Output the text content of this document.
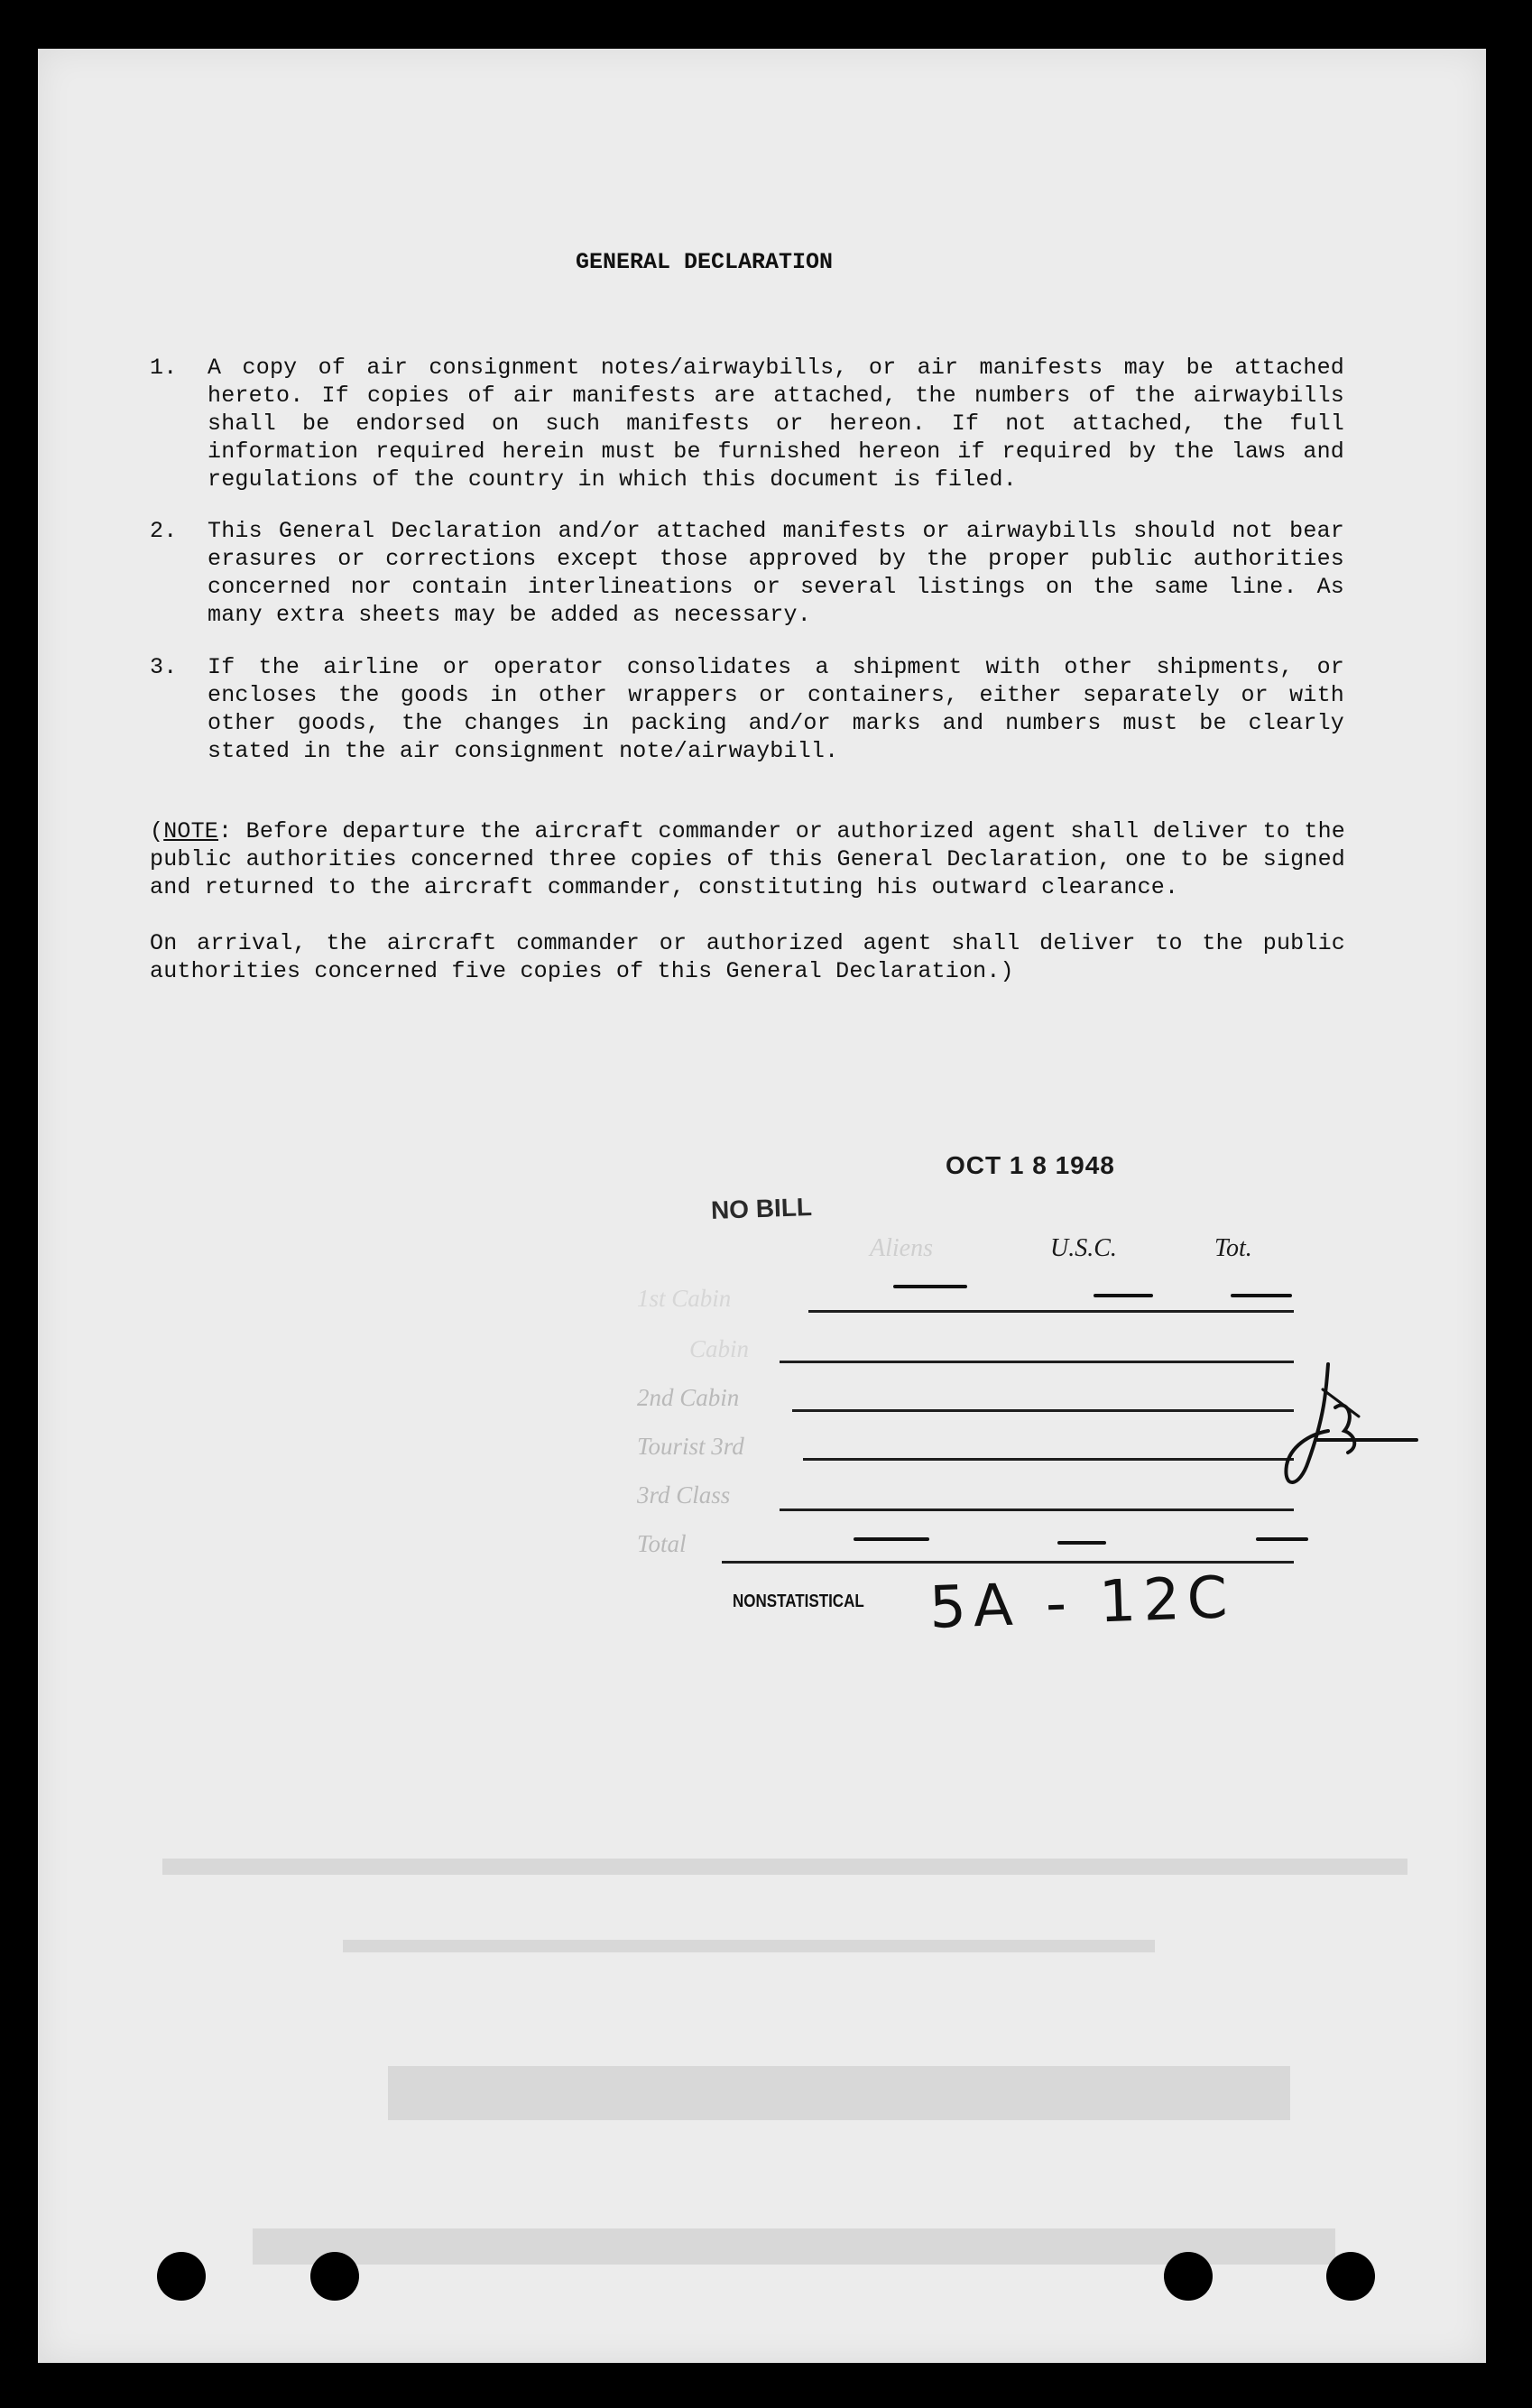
GENERAL DECLARATION
1. A copy of air consignment notes/airwaybills, or air manifests may be attached hereto. If copies of air manifests are attached, the numbers of the airwaybills shall be endorsed on such manifests or hereon. If not attached, the full information required herein must be furnished hereon if required by the laws and regulations of the country in which this document is filed.
2. This General Declaration and/or attached manifests or airwaybills should not bear erasures or corrections except those approved by the proper public authorities concerned nor contain interlineations or several listings on the same line. As many extra sheets may be added as necessary.
3. If the airline or operator consolidates a shipment with other shipments, or encloses the goods in other wrappers or containers, either separately or with other goods, the changes in packing and/or marks and numbers must be clearly stated in the air consignment note/airwaybill.
(NOTE: Before departure the aircraft commander or authorized agent shall deliver to the public authorities concerned three copies of this General Declaration, one to be signed and returned to the aircraft commander, constituting his outward clearance.
On arrival, the aircraft commander or authorized agent shall deliver to the public authorities concerned five copies of this General Declaration.)
OCT 1 8 1948
NO BILL
Aliens	U.S.C.	Tot.
1st Cabin
Cabin
2nd Cabin
Tourist 3rd
3rd Class
Total
NONSTATISTICAL 5A - 12C
